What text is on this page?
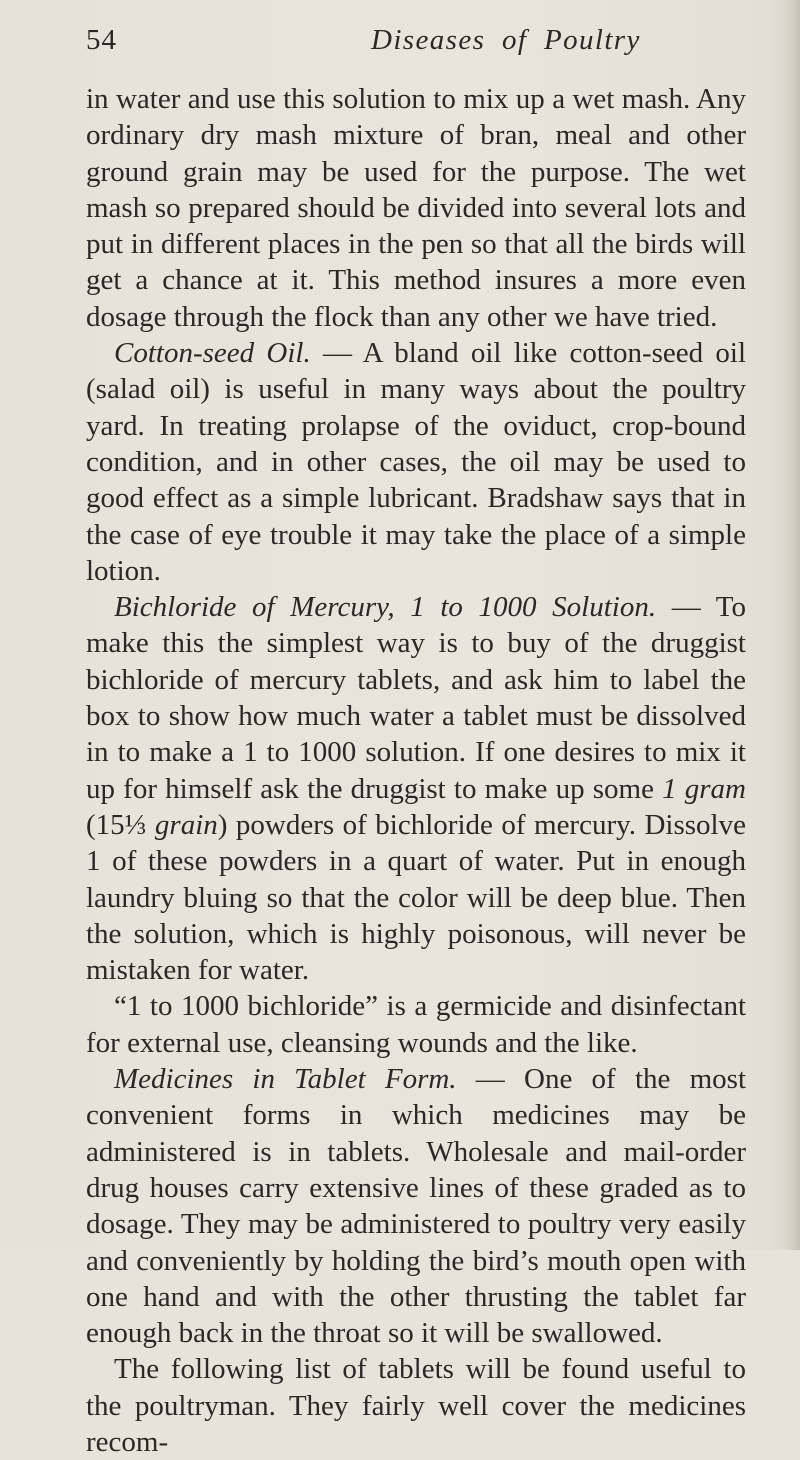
54	Diseases of Poultry

in water and use this solution to mix up a wet mash. Any ordinary dry mash mixture of bran, meal and other ground grain may be used for the purpose. The wet mash so prepared should be divided into several lots and put in different places in the pen so that all the birds will get a chance at it. This method insures a more even dosage through the flock than any other we have tried.

Cotton-seed Oil. — A bland oil like cotton-seed oil (salad oil) is useful in many ways about the poultry yard. In treating prolapse of the oviduct, crop-bound condition, and in other cases, the oil may be used to good effect as a simple lubricant. Bradshaw says that in the case of eye trouble it may take the place of a simple lotion.

Bichloride of Mercury, 1 to 1000 Solution. — To make this the simplest way is to buy of the druggist bichloride of mercury tablets, and ask him to label the box to show how much water a tablet must be dissolved in to make a 1 to 1000 solution. If one desires to mix it up for himself ask the druggist to make up some 1 gram (15⅓ grain) powders of bichloride of mercury. Dissolve 1 of these powders in a quart of water. Put in enough laundry bluing so that the color will be deep blue. Then the solution, which is highly poisonous, will never be mistaken for water.

“1 to 1000 bichloride” is a germicide and disinfectant for external use, cleansing wounds and the like.

Medicines in Tablet Form. — One of the most convenient forms in which medicines may be administered is in tablets. Wholesale and mail-order drug houses carry extensive lines of these graded as to dosage. They may be administered to poultry very easily and conveniently by holding the bird’s mouth open with one hand and with the other thrusting the tablet far enough back in the throat so it will be swallowed.

The following list of tablets will be found useful to the poultryman. They fairly well cover the medicines recom-
